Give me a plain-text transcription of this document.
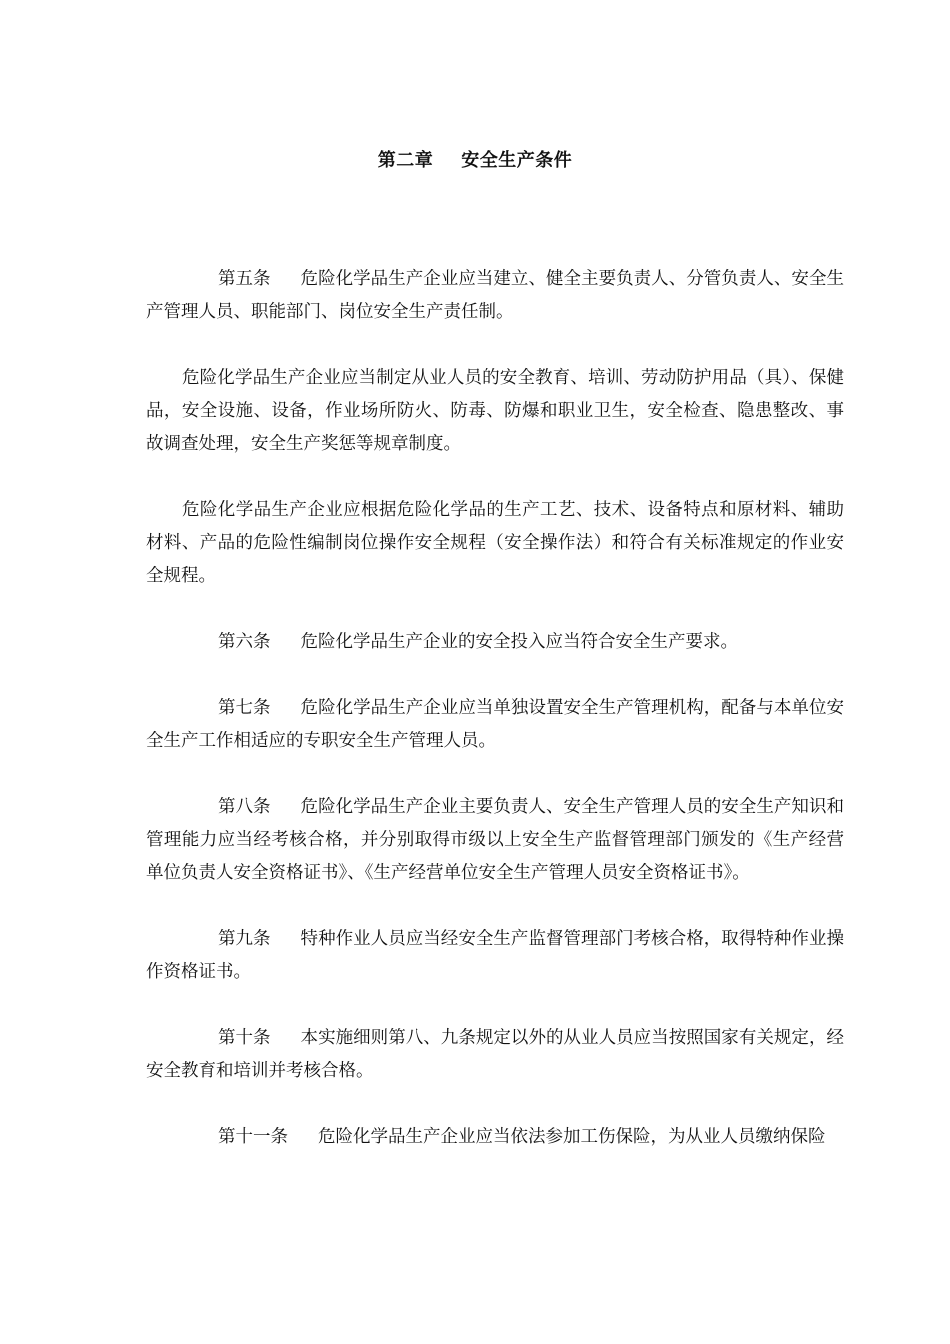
第二章 安全生产条件

第五条 危险化学品生产企业应当建立、健全主要负责人、分管负责人、安全生产管理人员、职能部门、岗位安全生产责任制。

危险化学品生产企业应当制定从业人员的安全教育、培训、劳动防护用品（具）、保健品，安全设施、设备，作业场所防火、防毒、防爆和职业卫生，安全检查、隐患整改、事故调查处理，安全生产奖惩等规章制度。

危险化学品生产企业应根据危险化学品的生产工艺、技术、设备特点和原材料、辅助材料、产品的危险性编制岗位操作安全规程（安全操作法）和符合有关标准规定的作业安全规程。

第六条 危险化学品生产企业的安全投入应当符合安全生产要求。

第七条 危险化学品生产企业应当单独设置安全生产管理机构，配备与本单位安全生产工作相适应的专职安全生产管理人员。

第八条 危险化学品生产企业主要负责人、安全生产管理人员的安全生产知识和管理能力应当经考核合格，并分别取得市级以上安全生产监督管理部门颁发的《生产经营单位负责人安全资格证书》、《生产经营单位安全生产管理人员安全资格证书》。

第九条 特种作业人员应当经安全生产监督管理部门考核合格，取得特种作业操作资格证书。

第十条 本实施细则第八、九条规定以外的从业人员应当按照国家有关规定，经安全教育和培训并考核合格。

第十一条 危险化学品生产企业应当依法参加工伤保险，为从业人员缴纳保险
